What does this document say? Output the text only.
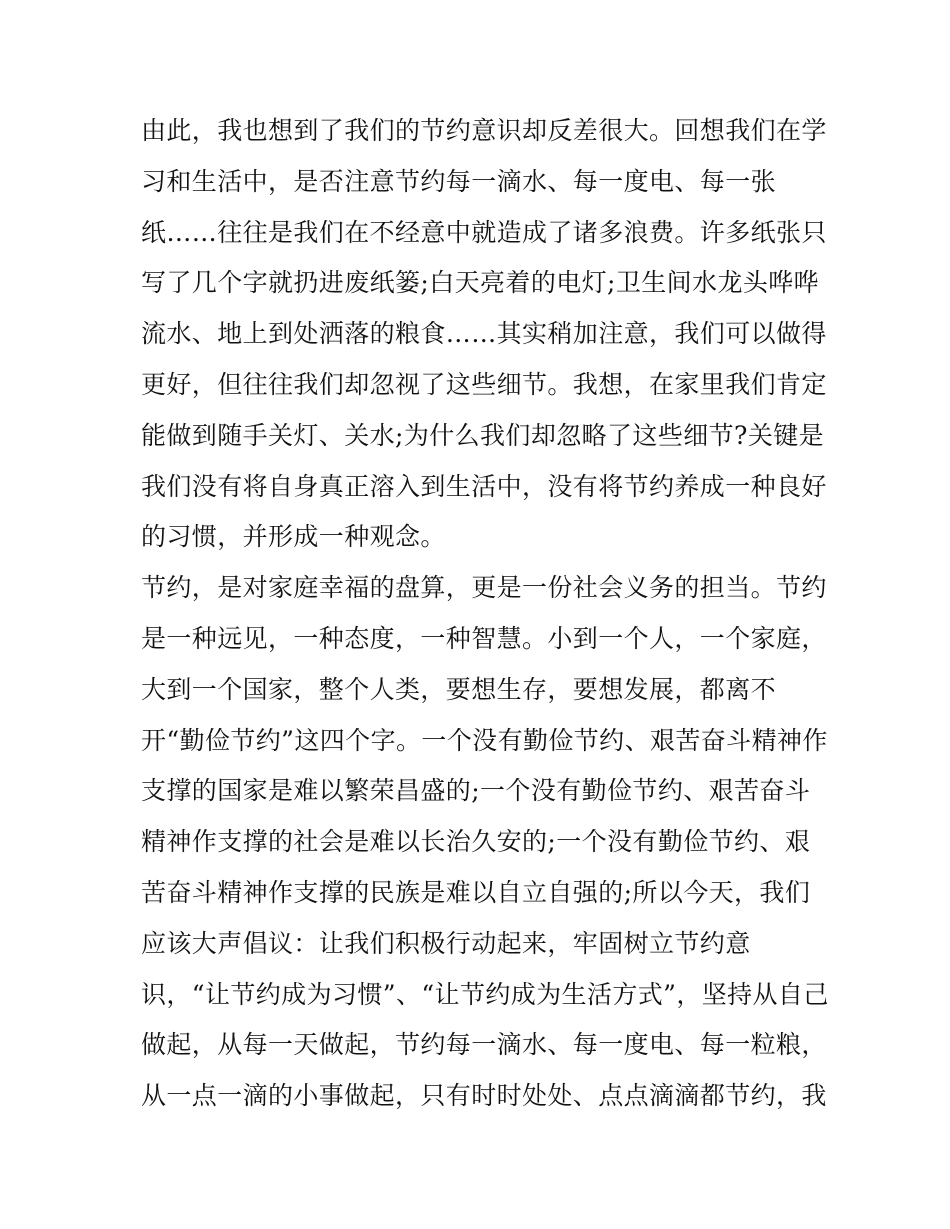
由此，我也想到了我们的节约意识却反差很大。回想我们在学
习和生活中，是否注意节约每一滴水、每一度电、每一张
纸……往往是我们在不经意中就造成了诸多浪费。许多纸张只
写了几个字就扔进废纸篓;白天亮着的电灯;卫生间水龙头哗哗
流水、地上到处洒落的粮食……其实稍加注意，我们可以做得
更好，但往往我们却忽视了这些细节。我想，在家里我们肯定
能做到随手关灯、关水;为什么我们却忽略了这些细节?关键是
我们没有将自身真正溶入到生活中，没有将节约养成一种良好
的习惯，并形成一种观念。
节约，是对家庭幸福的盘算，更是一份社会义务的担当。节约
是一种远见，一种态度，一种智慧。小到一个人，一个家庭，
大到一个国家，整个人类，要想生存，要想发展，都离不
开“勤俭节约”这四个字。一个没有勤俭节约、艰苦奋斗精神作
支撑的国家是难以繁荣昌盛的;一个没有勤俭节约、艰苦奋斗
精神作支撑的社会是难以长治久安的;一个没有勤俭节约、艰
苦奋斗精神作支撑的民族是难以自立自强的;所以今天，我们
应该大声倡议：让我们积极行动起来，牢固树立节约意
识，“让节约成为习惯”、“让节约成为生活方式”，坚持从自己
做起，从每一天做起，节约每一滴水、每一度电、每一粒粮，
从一点一滴的小事做起，只有时时处处、点点滴滴都节约，我
